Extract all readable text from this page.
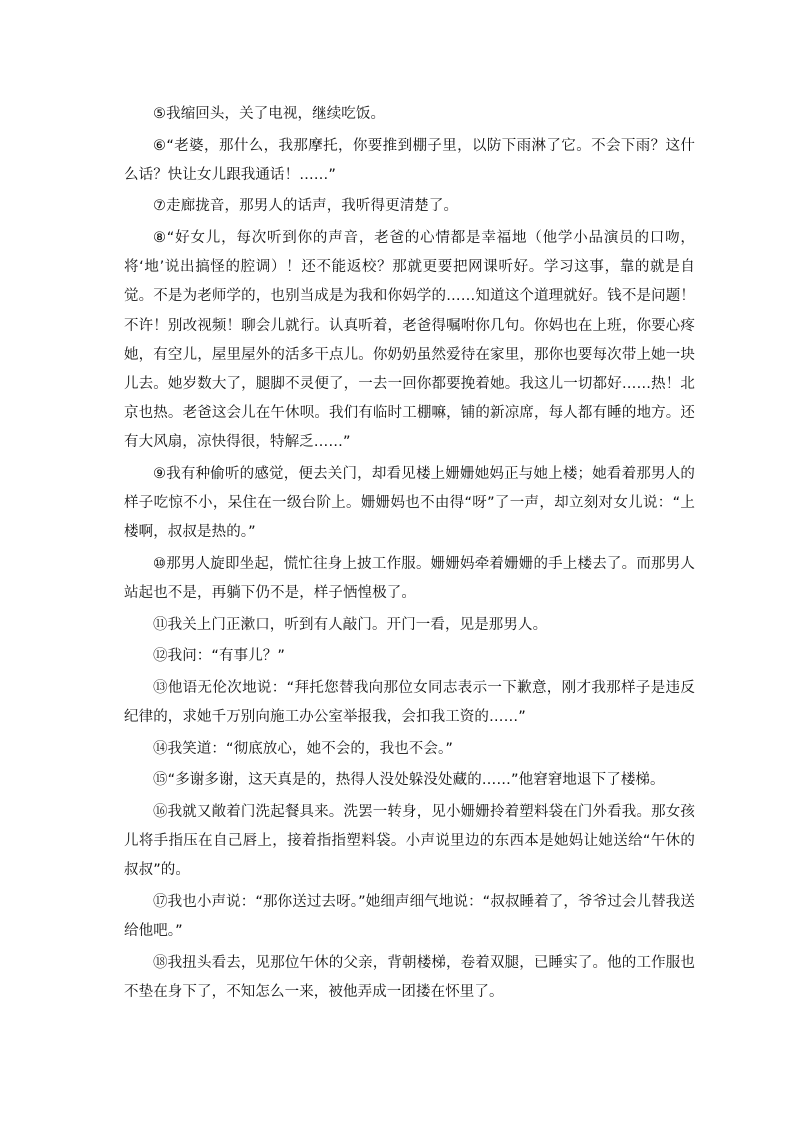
⑤我缩回头，关了电视，继续吃饭。

⑥“老婆，那什么，我那摩托，你要推到棚子里，以防下雨淋了它。不会下雨？这什么话？快让女儿跟我通话！……”

⑦走廊拢音，那男人的话声，我听得更清楚了。

⑧“好女儿，每次听到你的声音，老爸的心情都是幸福地（他学小品演员的口吻，将‘地’说出搞怪的腔调）！还不能返校？那就更要把网课听好。学习这事，靠的就是自觉。不是为老师学的，也别当成是为我和你妈学的……知道这个道理就好。钱不是问题！不许！别改视频！聊会儿就行。认真听着，老爸得嘱咐你几句。你妈也在上班，你要心疼她，有空儿，屋里屋外的活多干点儿。你奶奶虽然爱待在家里，那你也要每次带上她一块儿去。她岁数大了，腿脚不灵便了，一去一回你都要挽着她。我这儿一切都好……热！北京也热。老爸这会儿在午休呗。我们有临时工棚嘛，铺的新凉席，每人都有睡的地方。还有大风扇，凉快得很，特解乏……”

⑨我有种偷听的感觉，便去关门，却看见楼上姗姗她妈正与她上楼；她看着那男人的样子吃惊不小，呆住在一级台阶上。姗姗妈也不由得“呀”了一声，却立刻对女儿说：“上楼啊，叔叔是热的。”

⑩那男人旋即坐起，慌忙往身上披工作服。姗姗妈牵着姗姗的手上楼去了。而那男人站起也不是，再躺下仍不是，样子恓惶极了。

⑪我关上门正漱口，听到有人敲门。开门一看，见是那男人。

⑫我问：“有事儿？”

⑬他语无伦次地说：“拜托您替我向那位女同志表示一下歉意，刚才我那样子是违反纪律的，求她千万别向施工办公室举报我，会扣我工资的……”

⑭我笑道：“彻底放心，她不会的，我也不会。”

⑮“多谢多谢，这天真是的，热得人没处躲没处藏的……”他窘窘地退下了楼梯。

⑯我就又敞着门洗起餐具来。洗罢一转身，见小姗姗拎着塑料袋在门外看我。那女孩儿将手指压在自己唇上，接着指指塑料袋。小声说里边的东西本是她妈让她送给“午休的叔叔”的。

⑰我也小声说：“那你送过去呀。”她细声细气地说：“叔叔睡着了，爷爷过会儿替我送给他吧。”

⑱我扭头看去，见那位午休的父亲，背朝楼梯，卷着双腿，已睡实了。他的工作服也不垫在身下了，不知怎么一来，被他弄成一团搂在怀里了。
